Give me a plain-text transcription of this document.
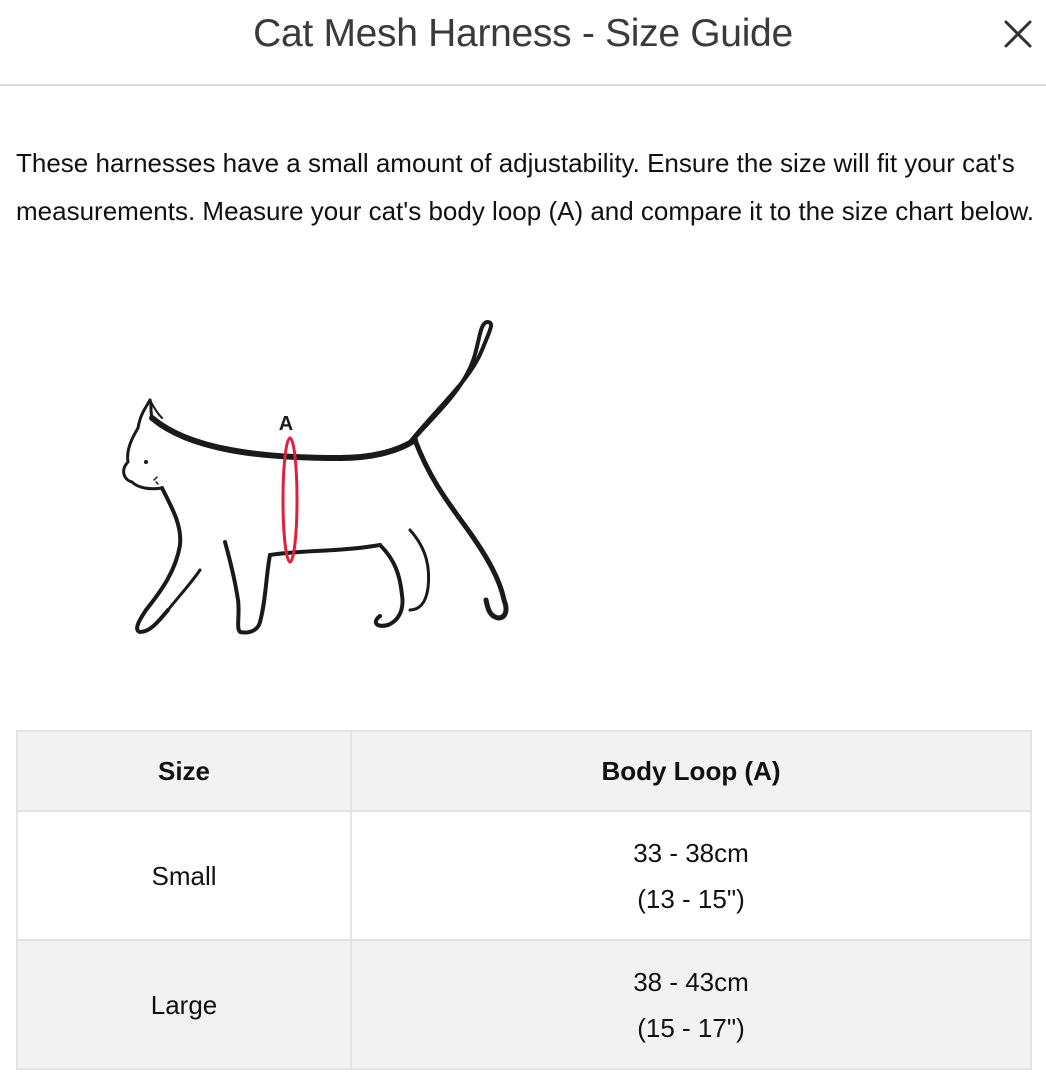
Cat Mesh Harness - Size Guide

These harnesses have a small amount of adjustability. Ensure the size will fit your cat's measurements. Measure your cat's body loop (A) and compare it to the size chart below.

A
Size	Body Loop (A)
Small	33 - 38cm
(13 - 15")

Large	38 - 43cm
(15 - 17")
